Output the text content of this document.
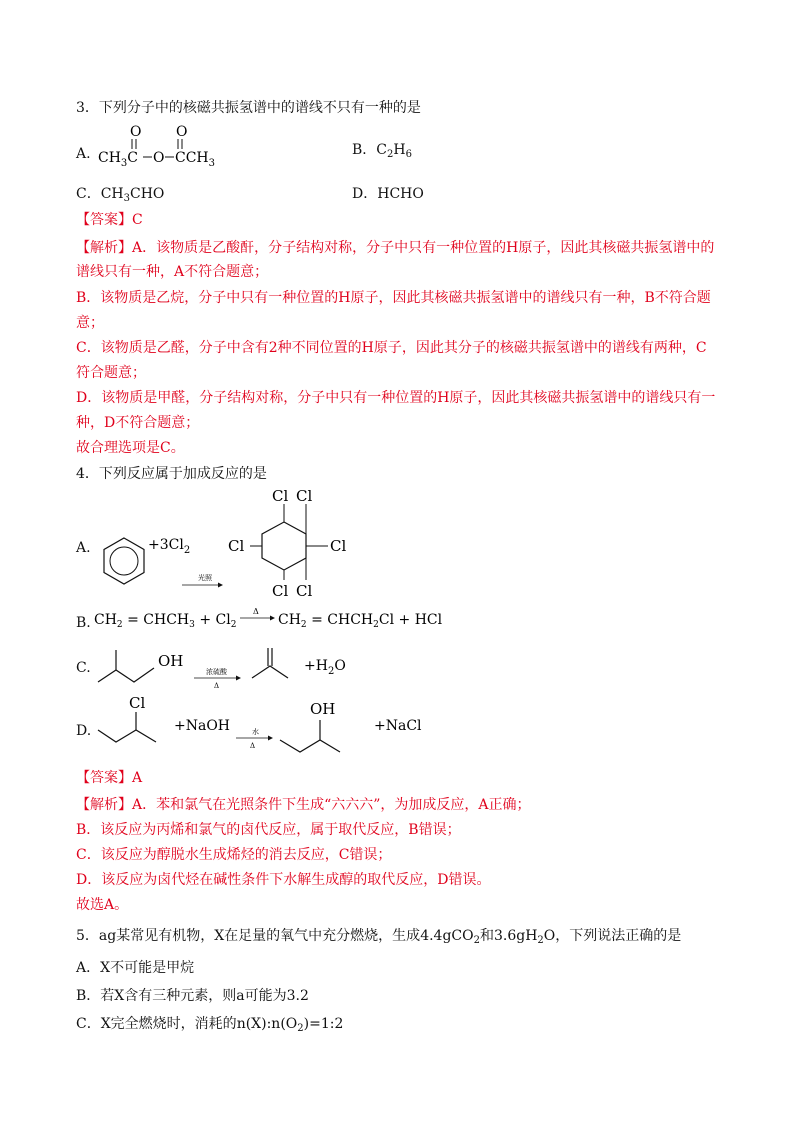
3．下列分子中的核磁共振氢谱中的谱线不只有一种的是
A.
O O
$CH_3C$ O $CCH_3$
B．$C_2H_6$
C．$CH_3CHO$	D．HCHO
【答案】C
【解析】A．该物质是乙酸酐，分子结构对称，分子中只有一种位置的H原子，因此其核磁共振氢谱中的
谱线只有一种，A不符合题意；
B．该物质是乙烷，分子中只有一种位置的H原子，因此其核磁共振氢谱中的谱线只有一种，B不符合题
意；
C．该物质是乙醛，分子中含有2种不同位置的H原子，因此其分子的核磁共振氢谱中的谱线有两种，C
符合题意；
D．该物质是甲醛，分子结构对称，分子中只有一种位置的H原子，因此其核磁共振氢谱中的谱线只有一
种，D不符合题意；
故合理选项是C。
4．下列反应属于加成反应的是
A.	$+3Cl_2$
光照
Cl Cl
Cl	Cl
Cl Cl
B. $CH_2$ = $CHCH_3 + Cl_2$
Δ
$CH_2$ = $CHCH_2Cl$ + HCl
C.	OH
浓硫酸
Δ
$+H_2O$
D.
Cl
+NaOH	水
Δ
OH
+NaCl
【答案】A
【解析】A．苯和氯气在光照条件下生成“六六六”，为加成反应，A正确；
B．该反应为丙烯和氯气的卤代反应，属于取代反应，B错误；
C．该反应为醇脱水生成烯烃的消去反应，C错误；
D．该反应为卤代烃在碱性条件下水解生成醇的取代反应，D错误。
故选A。
5．ag某常见有机物，X在足量的氧气中充分燃烧，生成4.4gCO$_2$和$3.6gH_2O$，下列说法正确的是
A．X不可能是甲烷
B．若X含有三种元素，则a可能为3.2
C．X完全燃烧时，消耗的$n(X):n(O_2)=1:2$
